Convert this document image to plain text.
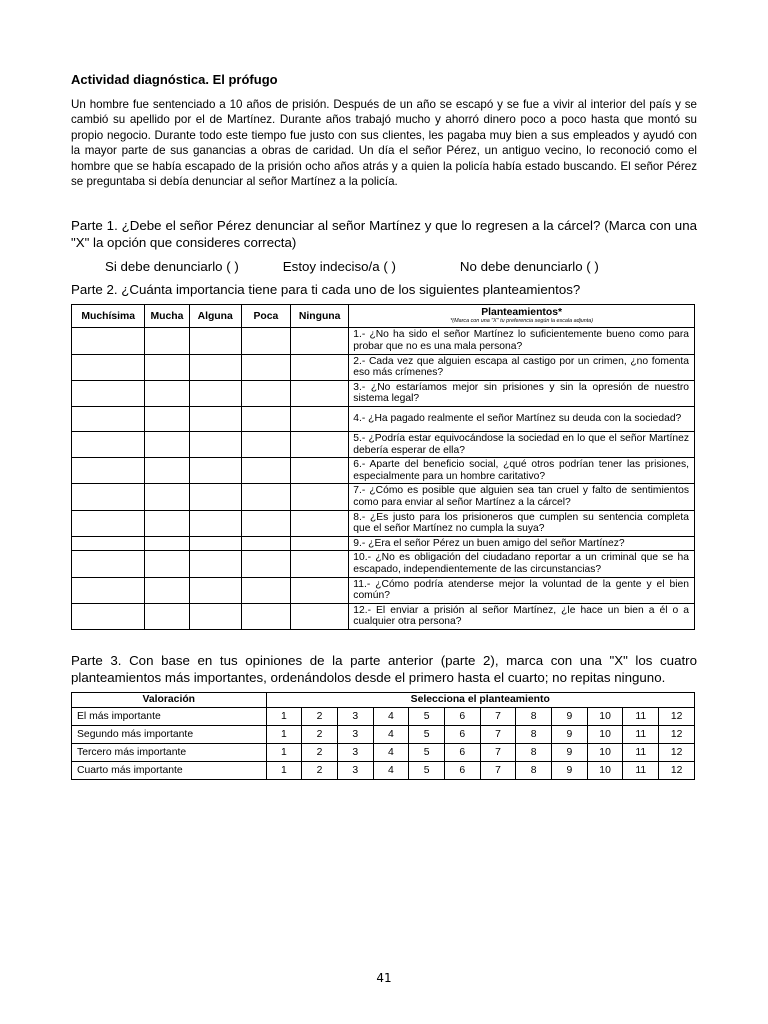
Actividad diagnóstica. El prófugo

Un hombre fue sentenciado a 10 años de prisión. Después de un año se escapó y se fue a vivir al interior del país y se cambió su apellido por el de Martínez. Durante años trabajó mucho y ahorró dinero poco a poco hasta que montó su propio negocio. Durante todo este tiempo fue justo con sus clientes, les pagaba muy bien a sus empleados y ayudó con la mayor parte de sus ganancias a obras de caridad. Un día el señor Pérez, un antiguo vecino, lo reconoció como el hombre que se había escapado de la prisión ocho años atrás y a quien la policía había estado buscando. El señor Pérez se preguntaba si debía denunciar al señor Martínez a la policía.

Parte 1. ¿Debe el señor Pérez denunciar al señor Martínez y que lo regresen a la cárcel? (Marca con una "X" la opción que consideres correcta)

Si debe denunciarlo ( )	Estoy indeciso/a ( )	No debe denunciarlo ( )

Parte 2. ¿Cuánta importancia tiene para ti cada uno de los siguientes planteamientos?

Muchísima	Mucha	Alguna	Poca	Ninguna	Planteamientos*
*(Marca con una "X" tu preferencia según la escala adjunta)

					1.- ¿No ha sido el señor Martínez lo suficientemente bueno como para probar que no es una mala persona?
					2.- Cada vez que alguien escapa al castigo por un crimen, ¿no fomenta eso más crímenes?
					3.- ¿No estaríamos mejor sin prisiones y sin la opresión de nuestro sistema legal?
					4.- ¿Ha pagado realmente el señor Martínez su deuda con la sociedad?
					5.- ¿Podría estar equivocándose la sociedad en lo que el señor Martínez debería esperar de ella?
					6.- Aparte del beneficio social, ¿qué otros podrían tener las prisiones, especialmente para un hombre caritativo?
					7.- ¿Cómo es posible que alguien sea tan cruel y falto de sentimientos como para enviar al señor Martínez a la cárcel?
					8.- ¿Es justo para los prisioneros que cumplen su sentencia completa que el señor Martínez no cumpla la suya?
					9.- ¿Era el señor Pérez un buen amigo del señor Martínez?
					10.- ¿No es obligación del ciudadano reportar a un criminal que se ha escapado, independientemente de las circunstancias?
					11.- ¿Cómo podría atenderse mejor la voluntad de la gente y el bien común?
					12.- El enviar a prisión al señor Martínez, ¿le hace un bien a él o a cualquier otra persona?

Parte 3. Con base en tus opiniones de la parte anterior (parte 2), marca con una "X" los cuatro planteamientos más importantes, ordenándolos desde el primero hasta el cuarto; no repitas ninguno.

Valoración	Selecciona el planteamiento											
El más importante	1	2	3	4	5	6	7	8	9	10	11	12
Segundo más importante	1	2	3	4	5	6	7	8	9	10	11	12
Tercero más importante	1	2	3	4	5	6	7	8	9	10	11	12
Cuarto más importante	1	2	3	4	5	6	7	8	9	10	11	12
41
